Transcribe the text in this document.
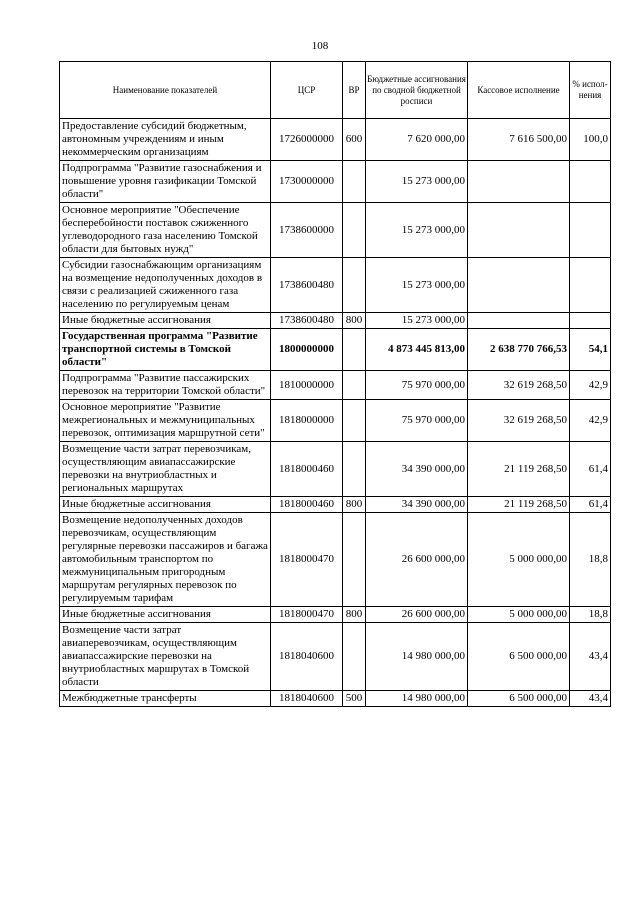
108
Наименование показателей	ЦСР	ВР	Бюджетные ассигнования по сводной бюджетной росписи	Кассовое исполнение	% испол-нения
Предоставление субсидий бюджетным, автономным учреждениям и иным некоммерческим организациям	1726000000	600	7 620 000,00	7 616 500,00	100,0
Подпрограмма "Развитие газоснабжения и повышение уровня газификации Томской области"	1730000000		15 273 000,00		
Основное мероприятие "Обеспечение бесперебойности поставок сжиженного углеводородного газа населению Томской области для бытовых нужд"	1738600000		15 273 000,00		
Субсидии газоснабжающим организациям на возмещение недополученных доходов в связи с реализацией сжиженного газа населению по регулируемым ценам	1738600480		15 273 000,00		
Иные бюджетные ассигнования	1738600480	800	15 273 000,00		
Государственная программа "Развитие транспортной системы в Томской области"	1800000000		4 873 445 813,00	2 638 770 766,53	54,1
Подпрограмма "Развитие пассажирских перевозок на территории Томской области"	1810000000		75 970 000,00	32 619 268,50	42,9
Основное мероприятие "Развитие межрегиональных и межмуниципальных перевозок, оптимизация маршрутной сети"	1818000000		75 970 000,00	32 619 268,50	42,9
Возмещение части затрат перевозчикам, осуществляющим авиапассажирские перевозки на внутриобластных и региональных маршрутах	1818000460		34 390 000,00	21 119 268,50	61,4
Иные бюджетные ассигнования	1818000460	800	34 390 000,00	21 119 268,50	61,4
Возмещение недополученных доходов перевозчикам, осуществляющим регулярные перевозки пассажиров и багажа автомобильным транспортом по межмуниципальным пригородным маршрутам регулярных перевозок по регулируемым тарифам	1818000470		26 600 000,00	5 000 000,00	18,8
Иные бюджетные ассигнования	1818000470	800	26 600 000,00	5 000 000,00	18,8
Возмещение части затрат авиаперевозчикам, осуществляющим авиапассажирские перевозки на внутриобластных маршрутах в Томской области	1818040600		14 980 000,00	6 500 000,00	43,4
Межбюджетные трансферты	1818040600	500	14 980 000,00	6 500 000,00	43,4
